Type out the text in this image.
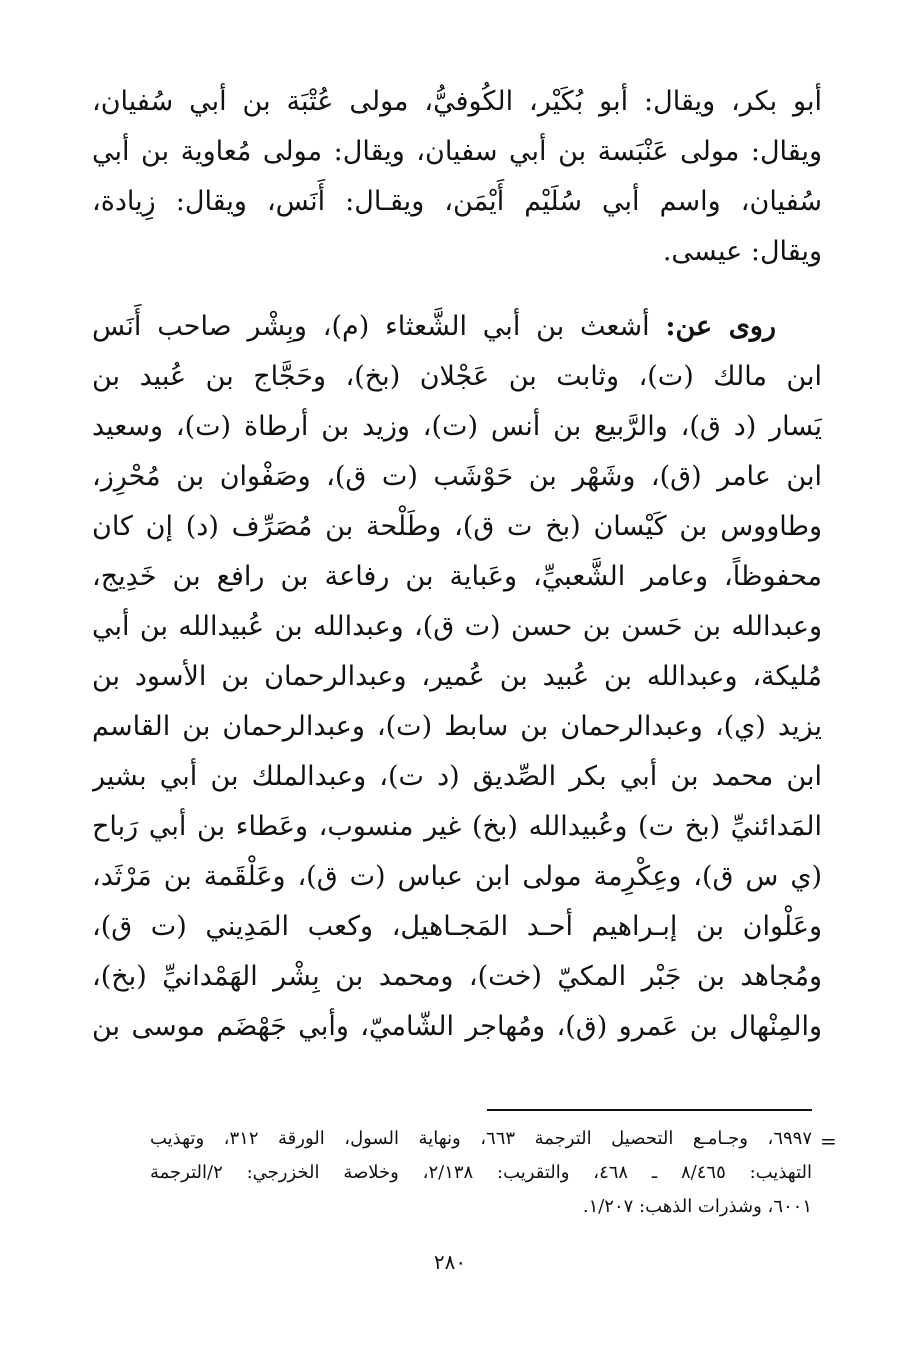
أبو بكر، ويقال: أبو بُكَيْر، الكُوفيُّ، مولى عُتْبَة بن أبي سُفيان،
ويقال: مولى عَنْبَسة بن أبي سفيان، ويقال: مولى مُعاوية بن أبي
سُفيان، واسم أبي سُلَيْم أَيْمَن، ويقـال: أَنَس، ويقال: زِيادة،
ويقال: عيسى.
روى عن: أشعث بن أبي الشَّعثاء (م)، وبِشْر صاحب أَنَس
ابن مالك (ت)، وثابت بن عَجْلان (بخ)، وحَجَّاج بن عُبيد بن
يَسار (د ق)، والرَّبيع بن أنس (ت)، وزيد بن أرطاة (ت)، وسعيد
ابن عامر (ق)، وشَهْر بن حَوْشَب (ت ق)، وصَفْوان بن مُحْرِز،
وطاووس بن كَيْسان (بخ ت ق)، وطَلْحة بن مُصَرِّف (د) إن كان
محفوظاً، وعامر الشَّعبيِّ، وعَباية بن رفاعة بن رافع بن خَدِيج،
وعبدالله بن حَسن بن حسن (ت ق)، وعبدالله بن عُبيدالله بن أبي
مُليكة، وعبدالله بن عُبيد بن عُمير، وعبدالرحمان بن الأسود بن
يزيد (ي)، وعبدالرحمان بن سابط (ت)، وعبدالرحمان بن القاسم
ابن محمد بن أبي بكر الصِّديق (د ت)، وعبدالملك بن أبي بشير
المَدائنيِّ (بخ ت) وعُبيدالله (بخ) غير منسوب، وعَطاء بن أبي رَباح
(ي س ق)، وعِكْرِمة مولى ابن عباس (ت ق)، وعَلْقَمة بن مَرْثَد،
وعَلْوان بن إبـراهيم أحـد المَجـاهيل، وكعب المَدِيني (ت ق)،
ومُجاهد بن جَبْر المكيّ (خت)، ومحمد بن بِشْر الهَمْدانيِّ (بخ)،
والمِنْهال بن عَمرو (ق)، ومُهاجر الشّاميّ، وأبي جَهْضَم موسى بن
=
٦٩٩٧، وجـامـع التحصيل الترجمة ٦٦٣، ونهاية السول، الورقة ٣١٢، وتهذيب
التهذيب: ٨/٤٦٥ ـ ٤٦٨، والتقريب: ٢/١٣٨، وخلاصة الخزرجي: ٢/الترجمة
٦٠٠١، وشذرات الذهب: ١/٢٠٧.
٢٨٠
